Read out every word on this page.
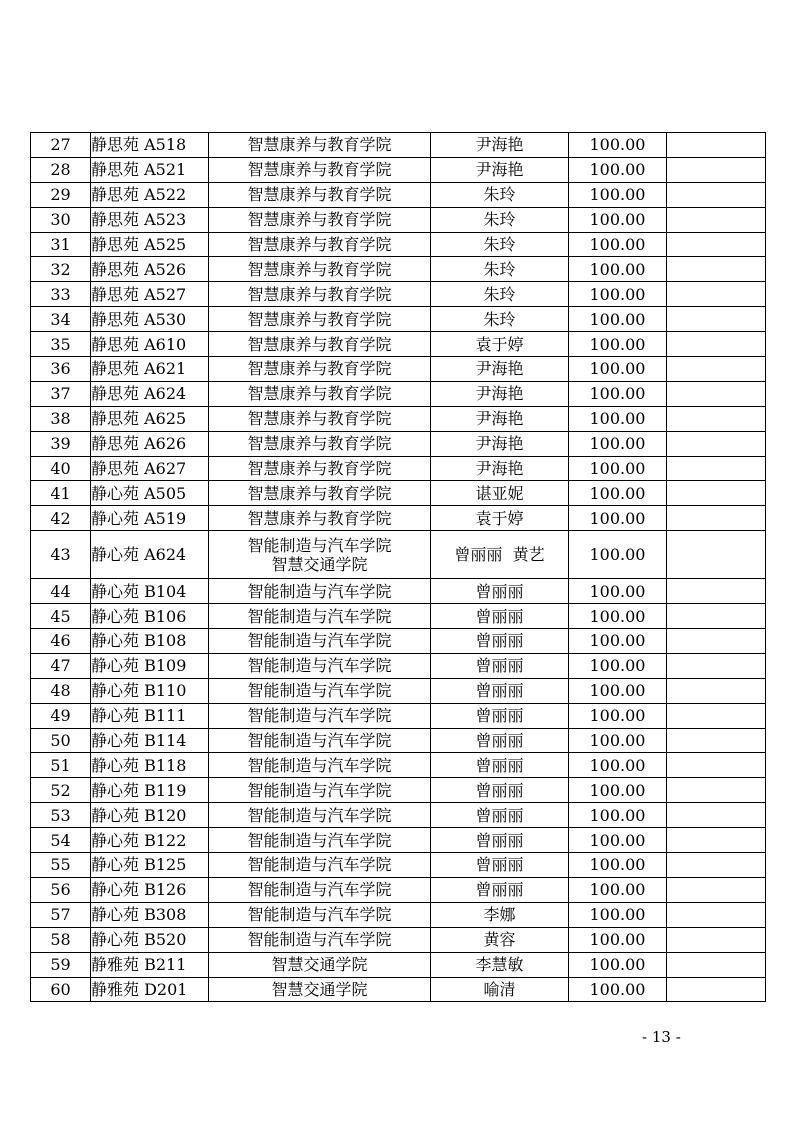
27	静思苑 A518	智慧康养与教育学院	尹海艳	100.00	
28	静思苑 A521	智慧康养与教育学院	尹海艳	100.00	
29	静思苑 A522	智慧康养与教育学院	朱玲	100.00	
30	静思苑 A523	智慧康养与教育学院	朱玲	100.00	
31	静思苑 A525	智慧康养与教育学院	朱玲	100.00	
32	静思苑 A526	智慧康养与教育学院	朱玲	100.00	
33	静思苑 A527	智慧康养与教育学院	朱玲	100.00	
34	静思苑 A530	智慧康养与教育学院	朱玲	100.00	
35	静思苑 A610	智慧康养与教育学院	袁于婷	100.00	
36	静思苑 A621	智慧康养与教育学院	尹海艳	100.00	
37	静思苑 A624	智慧康养与教育学院	尹海艳	100.00	
38	静思苑 A625	智慧康养与教育学院	尹海艳	100.00	
39	静思苑 A626	智慧康养与教育学院	尹海艳	100.00	
40	静思苑 A627	智慧康养与教育学院	尹海艳	100.00	
41	静心苑 A505	智慧康养与教育学院	谌亚妮	100.00	
42	静心苑 A519	智慧康养与教育学院	袁于婷	100.00	
43	静心苑 A624	智能制造与汽车学院
智慧交通学院	曾丽丽  黄艺	100.00	
44	静心苑 B104	智能制造与汽车学院	曾丽丽	100.00	
45	静心苑 B106	智能制造与汽车学院	曾丽丽	100.00	
46	静心苑 B108	智能制造与汽车学院	曾丽丽	100.00	
47	静心苑 B109	智能制造与汽车学院	曾丽丽	100.00	
48	静心苑 B110	智能制造与汽车学院	曾丽丽	100.00	
49	静心苑 B111	智能制造与汽车学院	曾丽丽	100.00	
50	静心苑 B114	智能制造与汽车学院	曾丽丽	100.00	
51	静心苑 B118	智能制造与汽车学院	曾丽丽	100.00	
52	静心苑 B119	智能制造与汽车学院	曾丽丽	100.00	
53	静心苑 B120	智能制造与汽车学院	曾丽丽	100.00	
54	静心苑 B122	智能制造与汽车学院	曾丽丽	100.00	
55	静心苑 B125	智能制造与汽车学院	曾丽丽	100.00	
56	静心苑 B126	智能制造与汽车学院	曾丽丽	100.00	
57	静心苑 B308	智能制造与汽车学院	李娜	100.00	
58	静心苑 B520	智能制造与汽车学院	黄容	100.00	
59	静雅苑 B211	智慧交通学院	李慧敏	100.00	
60	静雅苑 D201	智慧交通学院	喻清	100.00	
- 13 -
